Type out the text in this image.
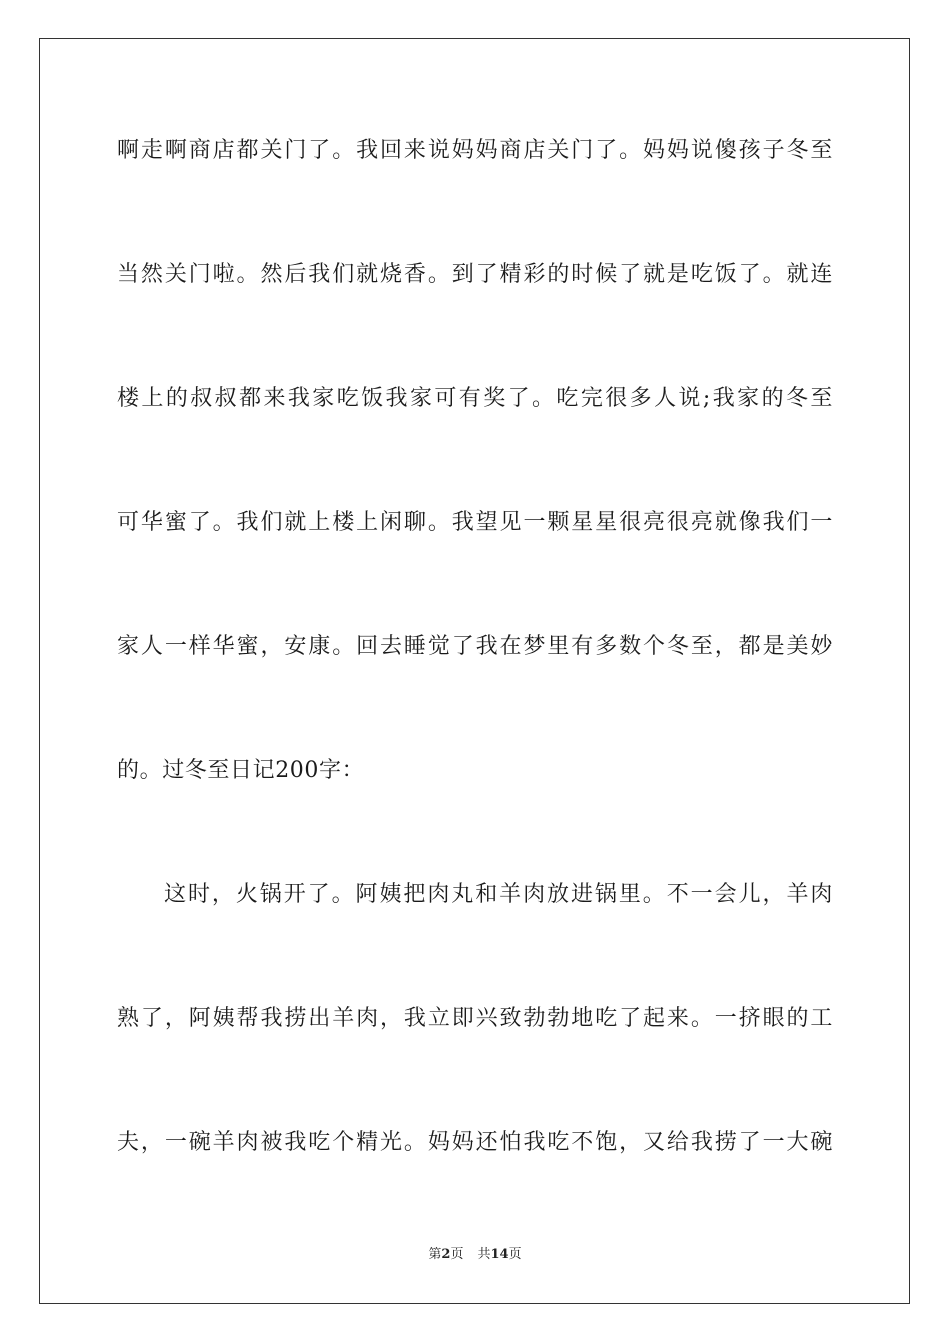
啊走啊商店都关门了。我回来说妈妈商店关门了。妈妈说傻孩子冬至
当然关门啦。然后我们就烧香。到了精彩的时候了就是吃饭了。就连
楼上的叔叔都来我家吃饭我家可有奖了。吃完很多人说;我家的冬至
可华蜜了。我们就上楼上闲聊。我望见一颗星星很亮很亮就像我们一
家人一样华蜜，安康。回去睡觉了我在梦里有多数个冬至，都是美妙
的。过冬至日记200字：
这时，火锅开了。阿姨把肉丸和羊肉放进锅里。不一会儿，羊肉
熟了，阿姨帮我捞出羊肉，我立即兴致勃勃地吃了起来。一挤眼的工
夫，一碗羊肉被我吃个精光。妈妈还怕我吃不饱，又给我捞了一大碗
第2页 共14页
